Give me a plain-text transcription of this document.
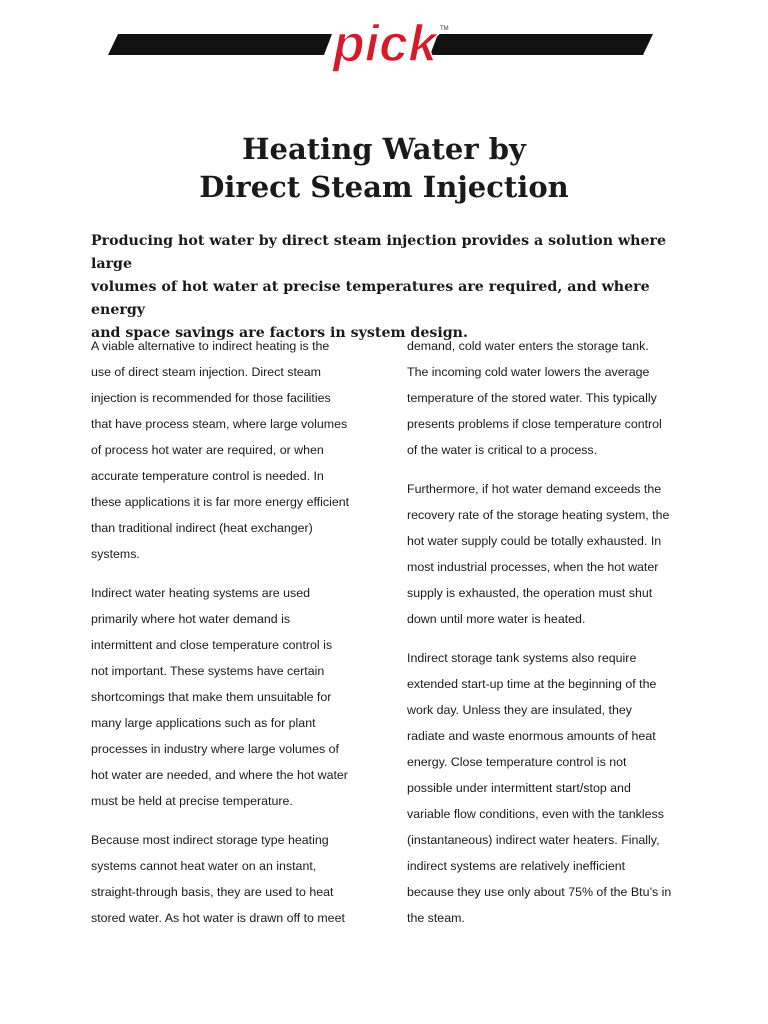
pick TM
Heating Water by
Direct Steam Injection
Producing hot water by direct steam injection provides a solution where large
volumes of hot water at precise temperatures are required, and where energy
and space savings are factors in system design.

A viable alternative to indirect heating is the
use of direct steam injection. Direct steam
injection is recommended for those facilities
that have process steam, where large volumes
of process hot water are required, or when
accurate temperature control is needed. In
these applications it is far more energy efficient
than traditional indirect (heat exchanger)
systems.

Indirect water heating systems are used
primarily where hot water demand is
intermittent and close temperature control is
not important. These systems have certain
shortcomings that make them unsuitable for
many large applications such as for plant
processes in industry where large volumes of
hot water are needed, and where the hot water
must be held at precise temperature.

Because most indirect storage type heating
systems cannot heat water on an instant,
straight-through basis, they are used to heat
stored water. As hot water is drawn off to meet

demand, cold water enters the storage tank.
The incoming cold water lowers the average
temperature of the stored water. This typically
presents problems if close temperature control
of the water is critical to a process.

Furthermore, if hot water demand exceeds the
recovery rate of the storage heating system, the
hot water supply could be totally exhausted. In
most industrial processes, when the hot water
supply is exhausted, the operation must shut
down until more water is heated.

Indirect storage tank systems also require
extended start-up time at the beginning of the
work day. Unless they are insulated, they
radiate and waste enormous amounts of heat
energy. Close temperature control is not
possible under intermittent start/stop and
variable flow conditions, even with the tankless
(instantaneous) indirect water heaters. Finally,
indirect systems are relatively inefficient
because they use only about 75% of the Btu’s in
the steam.
